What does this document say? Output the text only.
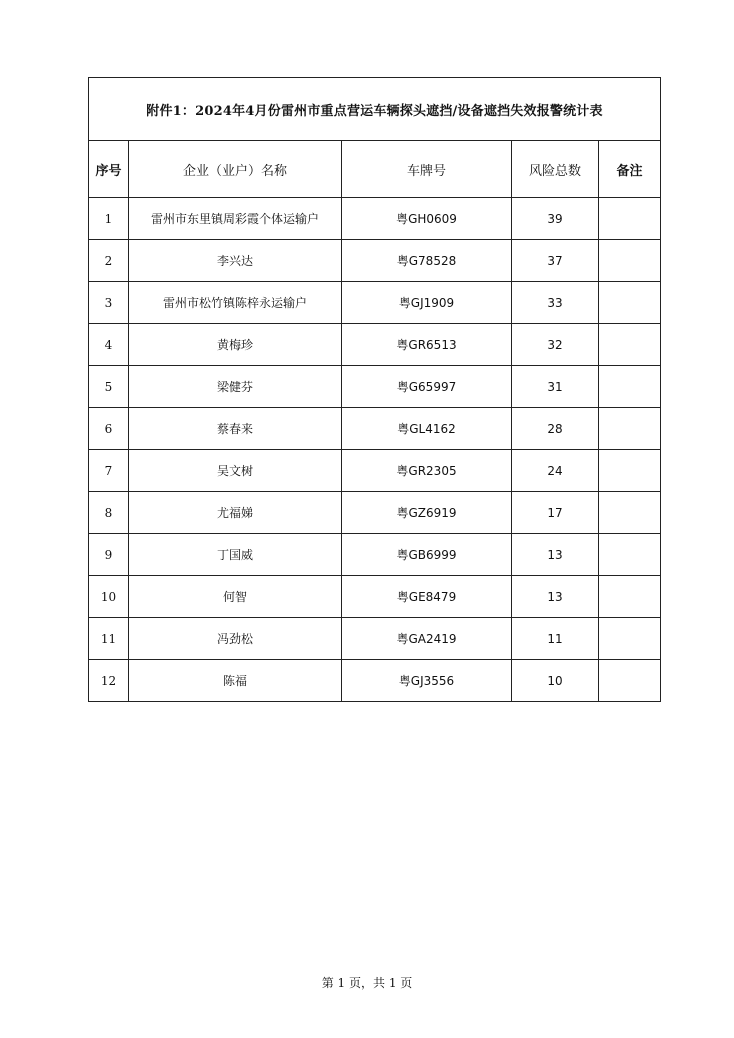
附件1：2024年4月份雷州市重点营运车辆探头遮挡/设备遮挡失效报警统计表				
序号	企业（业户）名称	车牌号	风险总数	备注
1	雷州市东里镇周彩霞个体运输户	粤GH0609	39	
2	李兴达	粤G78528	37	
3	雷州市松竹镇陈梓永运输户	粤GJ1909	33	
4	黄梅珍	粤GR6513	32	
5	梁健芬	粤G65997	31	
6	蔡春来	粤GL4162	28	
7	吴文树	粤GR2305	24	
8	尤福娣	粤GZ6919	17	
9	丁国威	粤GB6999	13	
10	何智	粤GE8479	13	
11	冯劲松	粤GA2419	11	
12	陈福	粤GJ3556	10	
第 1 页，共 1 页
